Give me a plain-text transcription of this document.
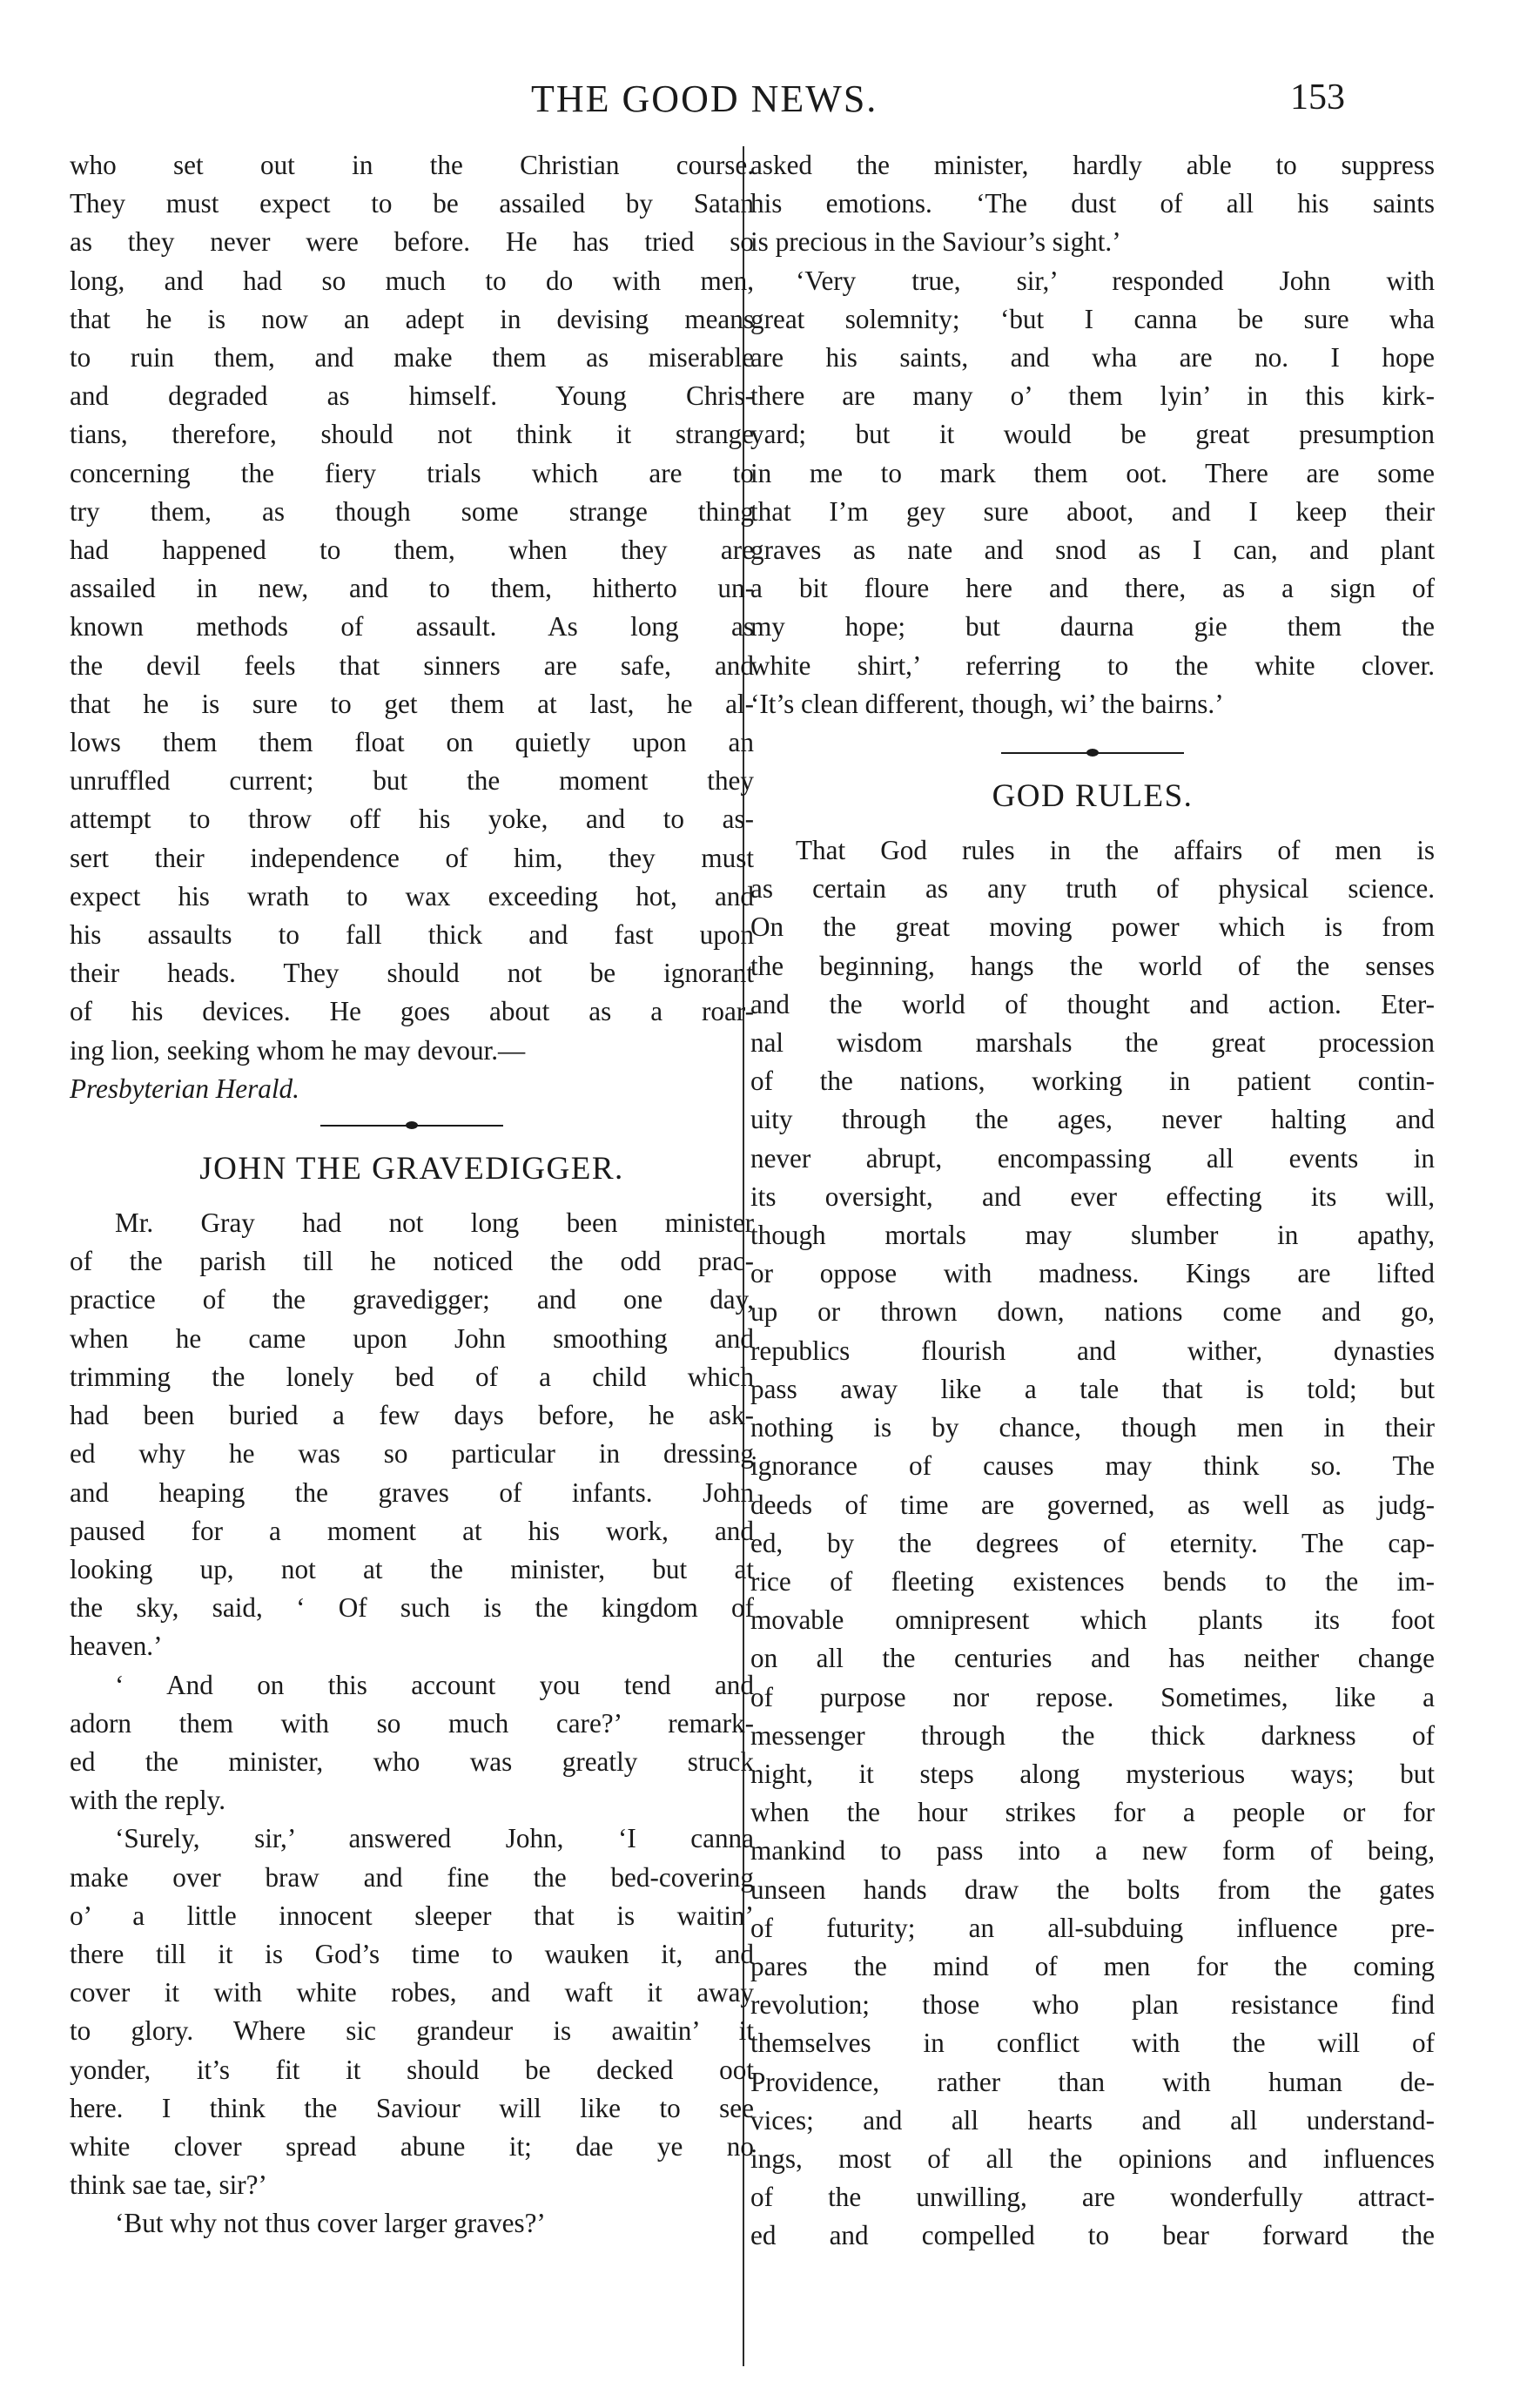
THE GOOD NEWS.	153

who set out in the Christian course.

They must expect to be assailed by Satan

as they never were before. He has tried so

long, and had so much to do with men,

that he is now an adept in devising means

to ruin them, and make them as miserable

and degraded as himself. Young Chris-

tians, therefore, should not think it strange

concerning the fiery trials which are to

try them, as though some strange thing

had happened to them, when they are

assailed in new, and to them, hitherto un-

known methods of assault. As long as

the devil feels that sinners are safe, and

that he is sure to get them at last, he al-

lows them them float on quietly upon an

unruffled current; but the moment they

attempt to throw off his yoke, and to as-

sert their independence of him, they must

expect his wrath to wax exceeding hot, and

his assaults to fall thick and fast upon

their heads. They should not be ignorant

of his devices. He goes about as a roar-

ing lion, seeking whom he may devour.—

Presbyterian Herald.

JOHN THE GRAVEDIGGER.

Mr. Gray had not long been minister

of the parish till he noticed the odd prac-

practice of the gravedigger; and one day,

when he came upon John smoothing and

trimming the lonely bed of a child which

had been buried a few days before, he ask-

ed why he was so particular in dressing

and heaping the graves of infants. John

paused for a moment at his work, and

looking up, not at the minister, but at

the sky, said, ‘ Of such is the kingdom of

heaven.’

‘ And on this account you tend and

adorn them with so much care?’ remark-

ed the minister, who was greatly struck

with the reply.

‘Surely, sir,’ answered John, ‘I canna

make over braw and fine the bed-covering

o’ a little innocent sleeper that is waitin’

there till it is God’s time to wauken it, and

cover it with white robes, and waft it away

to glory. Where sic grandeur is awaitin’ it

yonder, it’s fit it should be decked oot

here. I think the Saviour will like to see

white clover spread abune it; dae ye no

think sae tae, sir?’

‘But why not thus cover larger graves?’

asked the minister, hardly able to suppress

his emotions. ‘The dust of all his saints

is precious in the Saviour’s sight.’

‘Very true, sir,’ responded John with

great solemnity; ‘but I canna be sure wha

are his saints, and wha are no. I hope

there are many o’ them lyin’ in this kirk-

yard; but it would be great presumption

in me to mark them oot. There are some

that I’m gey sure aboot, and I keep their

graves as nate and snod as I can, and plant

a bit floure here and there, as a sign of

my hope; but daurna gie them the

white shirt,’ referring to the white clover.

‘It’s clean different, though, wi’ the bairns.’

GOD RULES.

That God rules in the affairs of men is

as certain as any truth of physical science.

On the great moving power which is from

the beginning, hangs the world of the senses

and the world of thought and action. Eter-

nal wisdom marshals the great procession

of the nations, working in patient contin-

uity through the ages, never halting and

never abrupt, encompassing all events in

its oversight, and ever effecting its will,

though mortals may slumber in apathy,

or oppose with madness. Kings are lifted

up or thrown down, nations come and go,

republics flourish and wither, dynasties

pass away like a tale that is told; but

nothing is by chance, though men in their

ignorance of causes may think so. The

deeds of time are governed, as well as judg-

ed, by the degrees of eternity. The cap-

rice of fleeting existences bends to the im-

movable omnipresent which plants its foot

on all the centuries and has neither change

of purpose nor repose. Sometimes, like a

messenger through the thick darkness of

night, it steps along mysterious ways; but

when the hour strikes for a people or for

mankind to pass into a new form of being,

unseen hands draw the bolts from the gates

of futurity; an all-subduing influence pre-

pares the mind of men for the coming

revolution; those who plan resistance find

themselves in conflict with the will of

Providence, rather than with human de-

vices; and all hearts and all understand-

ings, most of all the opinions and influences

of the unwilling, are wonderfully attract-

ed and compelled to bear forward the
